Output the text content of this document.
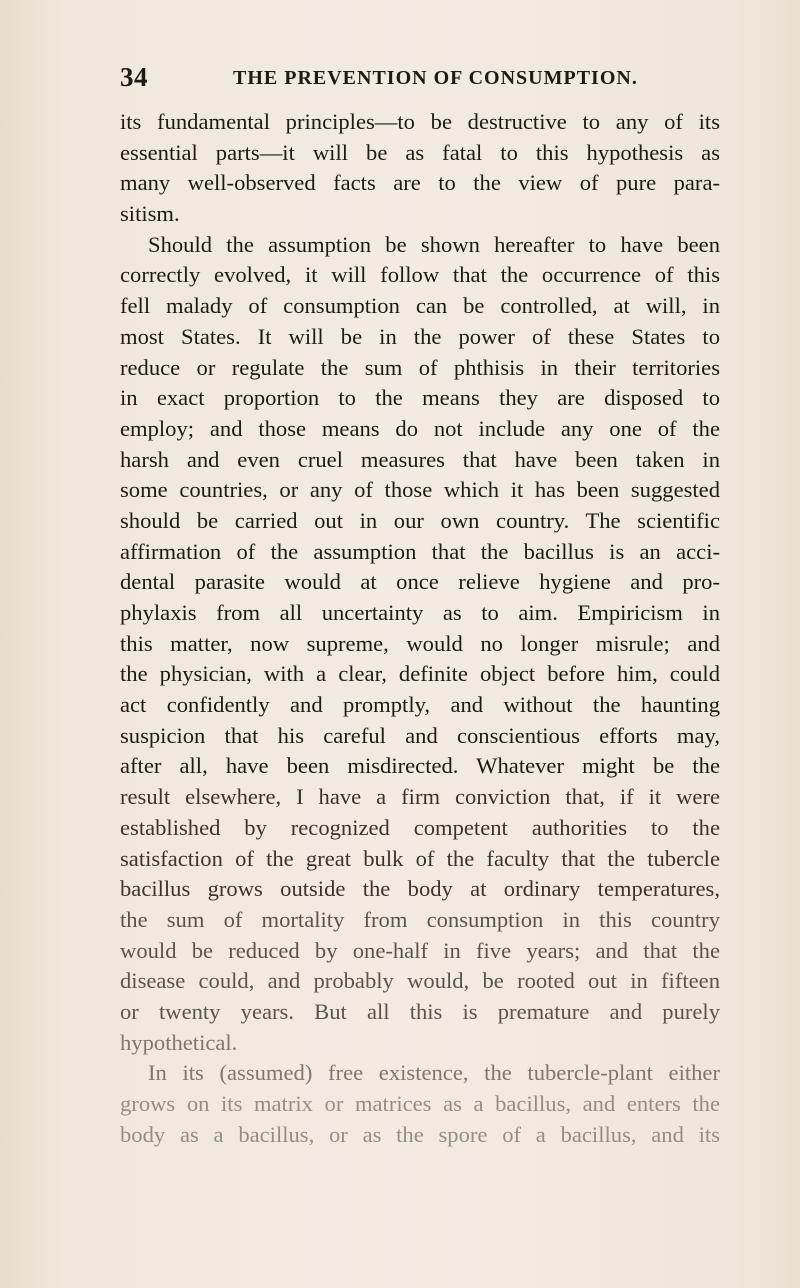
34	THE PREVENTION OF CONSUMPTION.
its fundamental principles—to be destructive to any of its
essential parts—it will be as fatal to this hypothesis as
many well-observed facts are to the view of pure para-
sitism.
Should the assumption be shown hereafter to have been
correctly evolved, it will follow that the occurrence of this
fell malady of consumption can be controlled, at will, in
most States. It will be in the power of these States to
reduce or regulate the sum of phthisis in their territories
in exact proportion to the means they are disposed to
employ; and those means do not include any one of the
harsh and even cruel measures that have been taken in
some countries, or any of those which it has been suggested
should be carried out in our own country. The scientific
affirmation of the assumption that the bacillus is an acci-
dental parasite would at once relieve hygiene and pro-
phylaxis from all uncertainty as to aim. Empiricism in
this matter, now supreme, would no longer misrule; and
the physician, with a clear, definite object before him, could
act confidently and promptly, and without the haunting
suspicion that his careful and conscientious efforts may,
after all, have been misdirected. Whatever might be the
result elsewhere, I have a firm conviction that, if it were
established by recognized competent authorities to the
satisfaction of the great bulk of the faculty that the tubercle
bacillus grows outside the body at ordinary temperatures,
the sum of mortality from consumption in this country
would be reduced by one-half in five years; and that the
disease could, and probably would, be rooted out in fifteen
or twenty years. But all this is premature and purely
hypothetical.
In its (assumed) free existence, the tubercle-plant either
grows on its matrix or matrices as a bacillus, and enters the
body as a bacillus, or as the spore of a bacillus, and its
